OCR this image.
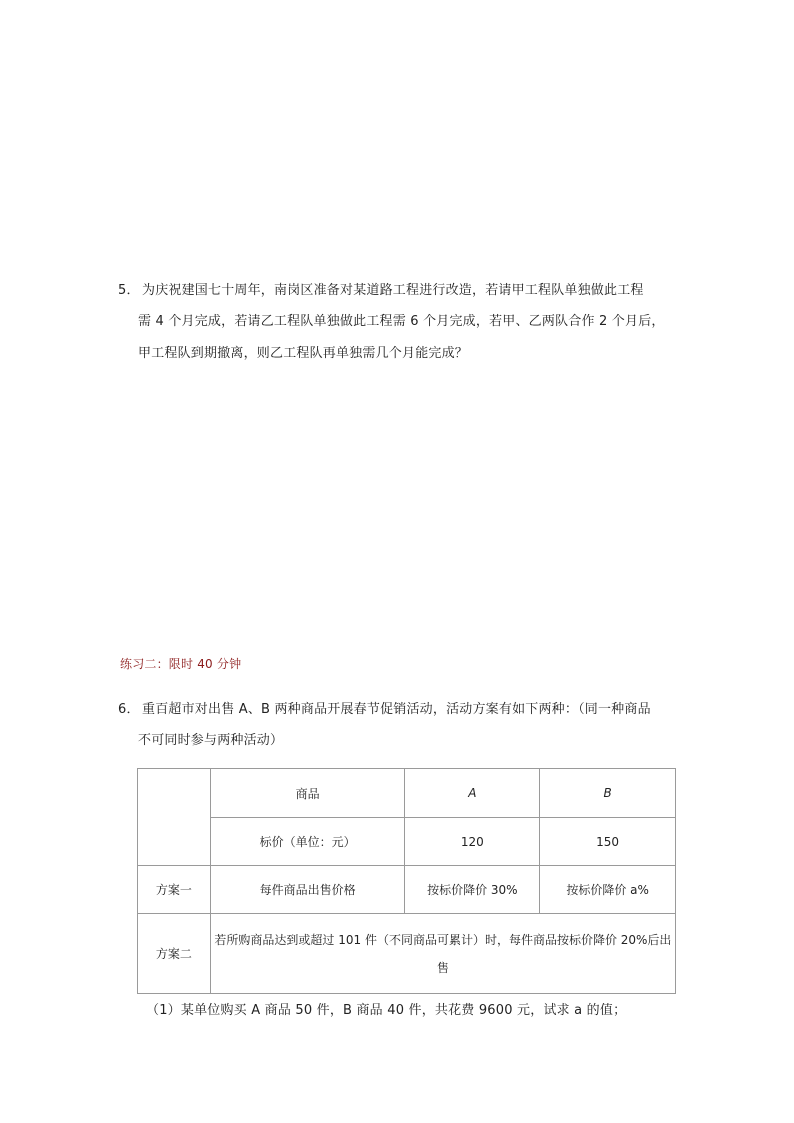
5． 为庆祝建国七十周年，南岗区准备对某道路工程进行改造，若请甲工程队单独做此工程
需 4 个月完成，若请乙工程队单独做此工程需 6 个月完成，若甲、乙两队合作 2 个月后，
甲工程队到期撤离，则乙工程队再单独需几个月能完成？
练习二：限时 40 分钟
6． 重百超市对出售 A、B 两种商品开展春节促销活动，活动方案有如下两种：（同一种商品
不可同时参与两种活动）
	商品	A	B
	标价（单位：元）	120	150
方案一	每件商品出售价格	按标价降价 30%	按标价降价 a%
方案二	若所购商品达到或超过 101 件（不同商品可累计）时，每件商品按标价降价 20%后出售		
（1）某单位购买 A 商品 50 件，B 商品 40 件，共花费 9600 元，试求 a 的值；
